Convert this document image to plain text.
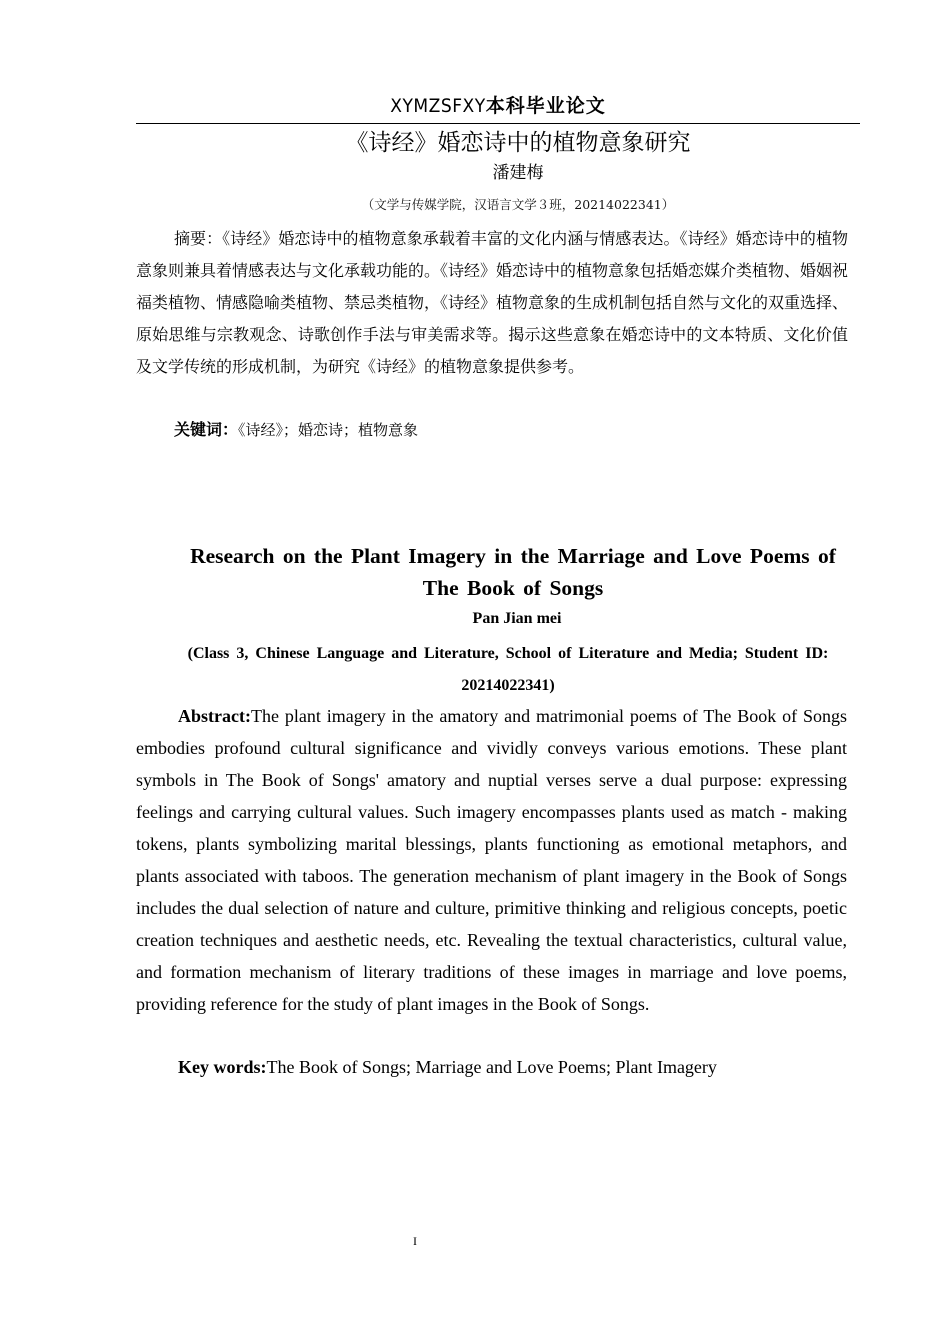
XYMZSFXY本科毕业论文
《诗经》婚恋诗中的植物意象研究
潘建梅
（文学与传媒学院，汉语言文学３班，20214022341）
摘要：《诗经》婚恋诗中的植物意象承载着丰富的文化内涵与情感表达。《诗经》婚恋诗中的植物意象则兼具着情感表达与文化承载功能的。《诗经》婚恋诗中的植物意象包括婚恋媒介类植物、婚姻祝福类植物、情感隐喻类植物、禁忌类植物，《诗经》植物意象的生成机制包括自然与文化的双重选择、原始思维与宗教观念、诗歌创作手法与审美需求等。揭示这些意象在婚恋诗中的文本特质、文化价值及文学传统的形成机制，为研究《诗经》的植物意象提供参考。
关键词：《诗经》；婚恋诗；植物意象
Research on the Plant Imagery in the Marriage and Love Poems of The Book of Songs
Pan Jian mei
(Class 3, Chinese Language and Literature, School of Literature and Media; Student ID: 20214022341)
Abstract:The plant imagery in the amatory and matrimonial poems of The Book of Songs embodies profound cultural significance and vividly conveys various emotions. These plant symbols in The Book of Songs' amatory and nuptial verses serve a dual purpose: expressing feelings and carrying cultural values. Such imagery encompasses plants used as match - making tokens, plants symbolizing marital blessings, plants functioning as emotional metaphors, and plants associated with taboos. The generation mechanism of plant imagery in the Book of Songs includes the dual selection of nature and culture, primitive thinking and religious concepts, poetic creation techniques and aesthetic needs, etc. Revealing the textual characteristics, cultural value, and formation mechanism of literary traditions of these images in marriage and love poems, providing reference for the study of plant images in the Book of Songs.
Key words:The Book of Songs; Marriage and Love Poems; Plant Imagery
I
